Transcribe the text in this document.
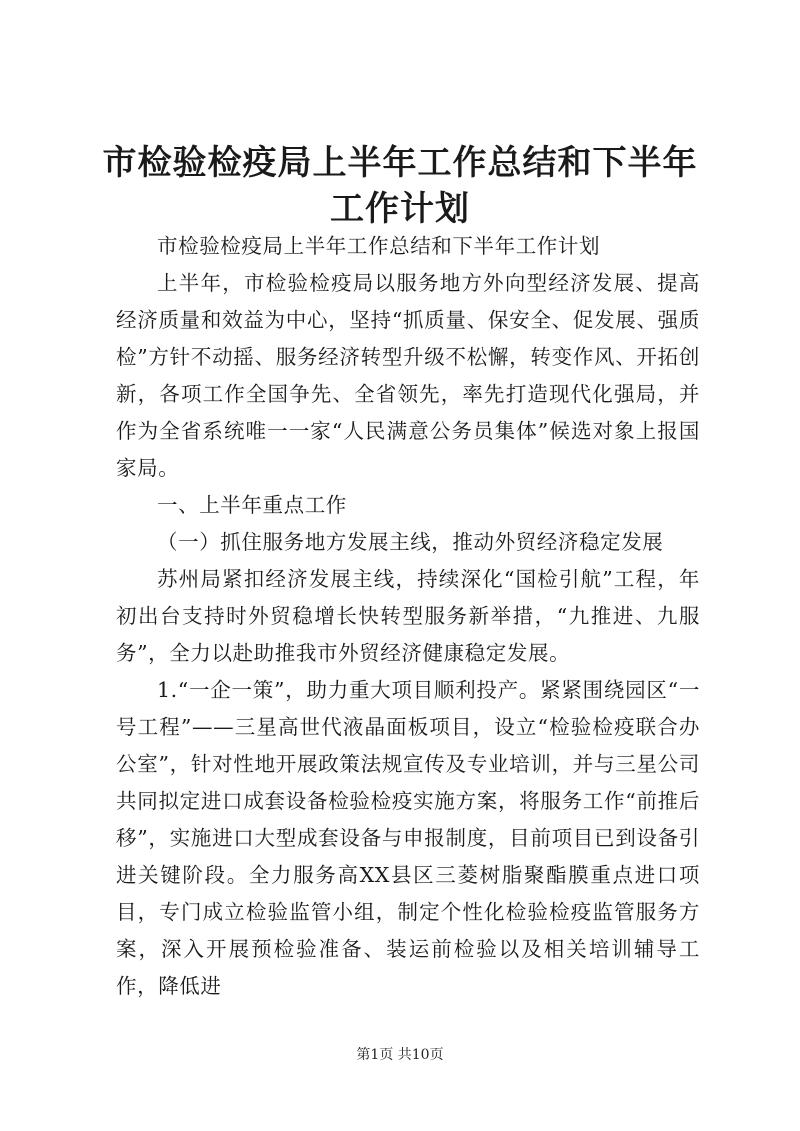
市检验检疫局上半年工作总结和下半年工作计划

市检验检疫局上半年工作总结和下半年工作计划

上半年，市检验检疫局以服务地方外向型经济发展、提高经济质量和效益为中心，坚持“抓质量、保安全、促发展、强质检”方针不动摇、服务经济转型升级不松懈，转变作风、开拓创新，各项工作全国争先、全省领先，率先打造现代化强局，并作为全省系统唯一一家“人民满意公务员集体”候选对象上报国家局。

一、上半年重点工作

（一）抓住服务地方发展主线，推动外贸经济稳定发展

苏州局紧扣经济发展主线，持续深化“国检引航”工程，年初出台支持时外贸稳增长快转型服务新举措，“九推进、九服务”，全力以赴助推我市外贸经济健康稳定发展。

1.“一企一策”，助力重大项目顺利投产。紧紧围绕园区“一号工程”——三星高世代液晶面板项目，设立“检验检疫联合办公室”，针对性地开展政策法规宣传及专业培训，并与三星公司共同拟定进口成套设备检验检疫实施方案，将服务工作“前推后移”，实施进口大型成套设备与申报制度，目前项目已到设备引进关键阶段。全力服务高XX县区三菱树脂聚酯膜重点进口项目，专门成立检验监管小组，制定个性化检验检疫监管服务方案，深入开展预检验准备、装运前检验以及相关培训辅导工作，降低进

第1页 共10页
